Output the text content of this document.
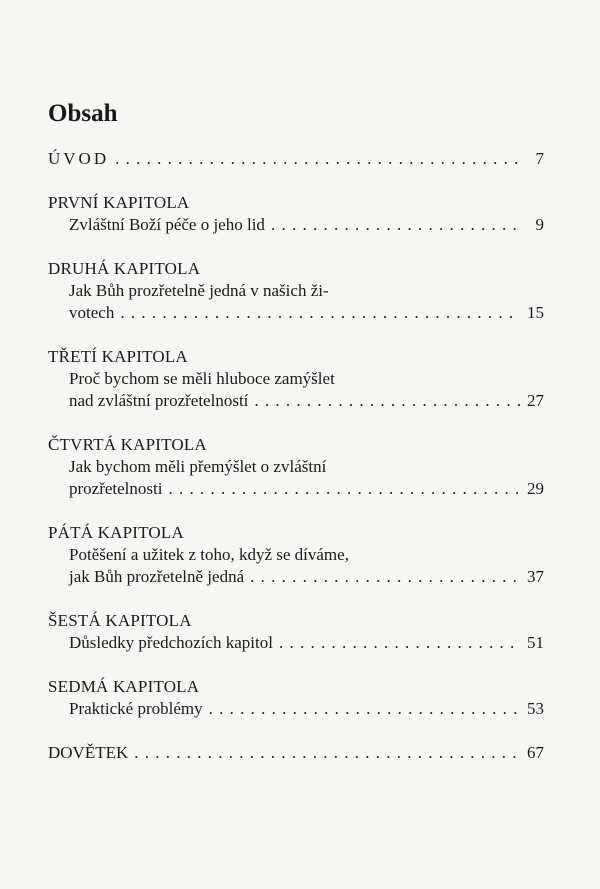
Obsah
ÚVOD . . .	7
PRVNÍ KAPITOLA
Zvláštní Boží péče o jeho lid . . .	9
DRUHÁ KAPITOLA
Jak Bůh prozřetelně jedná v našich ži-
votech . . .	15
TŘETÍ KAPITOLA
Proč bychom se měli hluboce zamýšlet
nad zvláštní prozřetelností . . .	27
ČTVRTÁ KAPITOLA
Jak bychom měli přemýšlet o zvláštní
prozřetelnosti . . .	29
PÁTÁ KAPITOLA
Potěšení a užitek z toho, když se díváme,
jak Bůh prozřetelně jedná . . .	37
ŠESTÁ KAPITOLA
Důsledky předchozích kapitol . . .	51
SEDMÁ KAPITOLA
Praktické problémy . . .	53
DOVĚTEK . . .	67
